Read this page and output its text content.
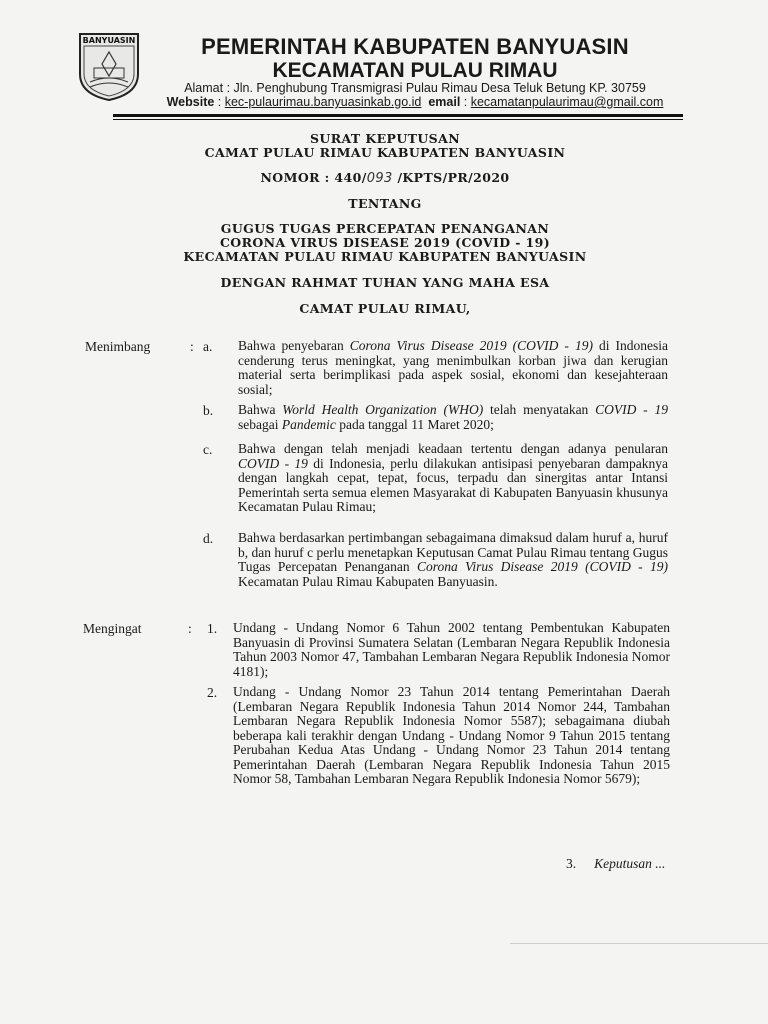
BANYUASIN	PEMERINTAH KABUPATEN BANYUASIN
KECAMATAN PULAU RIMAU
Alamat : Jln. Penghubung Transmigrasi Pulau Rimau Desa Teluk Betung KP. 30759
Website : kec-pulaurimau.banyuasinkab.go.id email : kecamatanpulaurimau@gmail.com
SURAT KEPUTUSAN
CAMAT PULAU RIMAU KABUPATEN BANYUASIN
NOMOR : 440/093 /KPTS/PR/2020
TENTANG
GUGUS TUGAS PERCEPATAN PENANGANAN
CORONA VIRUS DISEASE 2019 (COVID - 19)
KECAMATAN PULAU RIMAU KABUPATEN BANYUASIN
DENGAN RAHMAT TUHAN YANG MAHA ESA
CAMAT PULAU RIMAU,
Menimbang	: a. Bahwa penyebaran Corona Virus Disease 2019 (COVID - 19) di Indonesia cenderung terus meningkat, yang menimbulkan korban jiwa dan kerugian material serta berimplikasi pada aspek sosial, ekonomi dan kesejahteraan sosial;
b. Bahwa World Health Organization (WHO) telah menyatakan COVID - 19 sebagai Pandemic pada tanggal 11 Maret 2020;
c. Bahwa dengan telah menjadi keadaan tertentu dengan adanya penularan COVID - 19 di Indonesia, perlu dilakukan antisipasi penyebaran dampaknya dengan langkah cepat, tepat, focus, terpadu dan sinergitas antar Intansi Pemerintah serta semua elemen Masyarakat di Kabupaten Banyuasin khusunya Kecamatan Pulau Rimau;
d. Bahwa berdasarkan pertimbangan sebagaimana dimaksud dalam huruf a, huruf b, dan huruf c perlu menetapkan Keputusan Camat Pulau Rimau tentang Gugus Tugas Percepatan Penanganan Corona Virus Disease 2019 (COVID - 19) Kecamatan Pulau Rimau Kabupaten Banyuasin.
Mengingat	: 1. Undang - Undang Nomor 6 Tahun 2002 tentang Pembentukan Kabupaten Banyuasin di Provinsi Sumatera Selatan (Lembaran Negara Republik Indonesia Tahun 2003 Nomor 47, Tambahan Lembaran Negara Republik Indonesia Nomor 4181);
2. Undang - Undang Nomor 23 Tahun 2014 tentang Pemerintahan Daerah (Lembaran Negara Republik Indonesia Tahun 2014 Nomor 244, Tambahan Lembaran Negara Republik Indonesia Nomor 5587); sebagaimana diubah beberapa kali terakhir dengan Undang - Undang Nomor 9 Tahun 2015 tentang Perubahan Kedua Atas Undang - Undang Nomor 23 Tahun 2014 tentang Pemerintahan Daerah (Lembaran Negara Republik Indonesia Tahun 2015 Nomor 58, Tambahan Lembaran Negara Republik Indonesia Nomor 5679);
3. Keputusan ...
